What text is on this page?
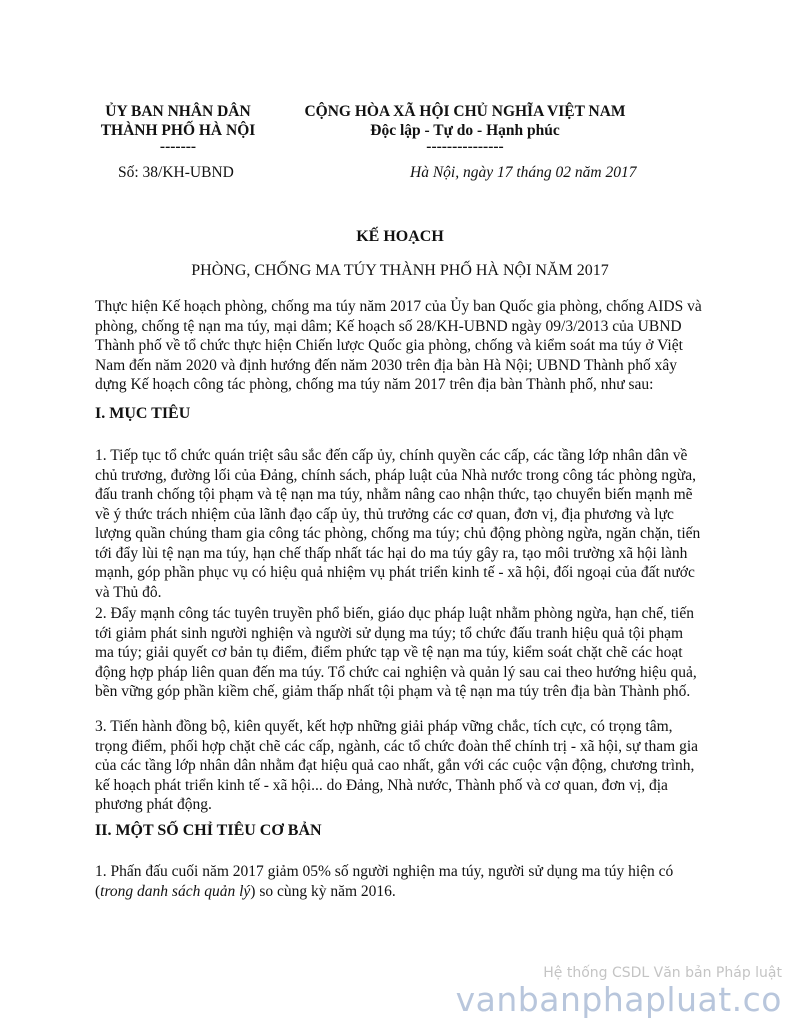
ỦY BAN NHÂN DÂN
THÀNH PHỐ HÀ NỘI
-------
CỘNG HÒA XÃ HỘI CHỦ NGHĨA VIỆT NAM
Độc lập - Tự do - Hạnh phúc
---------------
Số: 38/KH-UBND	Hà Nội, ngày 17 tháng 02 năm 2017
KẾ HOẠCH
PHÒNG, CHỐNG MA TÚY THÀNH PHỐ HÀ NỘI NĂM 2017
Thực hiện Kế hoạch phòng, chống ma túy năm 2017 của Ủy ban Quốc gia phòng, chống AIDS và phòng, chống tệ nạn ma túy, mại dâm; Kế hoạch số 28/KH-UBND ngày 09/3/2013 của UBND Thành phố về tổ chức thực hiện Chiến lược Quốc gia phòng, chống và kiểm soát ma túy ở Việt Nam đến năm 2020 và định hướng đến năm 2030 trên địa bàn Hà Nội; UBND Thành phố xây dựng Kế hoạch công tác phòng, chống ma túy năm 2017 trên địa bàn Thành phố, như sau:
I. MỤC TIÊU
1. Tiếp tục tổ chức quán triệt sâu sắc đến cấp ủy, chính quyền các cấp, các tầng lớp nhân dân về chủ trương, đường lối của Đảng, chính sách, pháp luật của Nhà nước trong công tác phòng ngừa, đấu tranh chống tội phạm và tệ nạn ma túy, nhằm nâng cao nhận thức, tạo chuyển biến mạnh mẽ về ý thức trách nhiệm của lãnh đạo cấp ủy, thủ trưởng các cơ quan, đơn vị, địa phương và lực lượng quần chúng tham gia công tác phòng, chống ma túy; chủ động phòng ngừa, ngăn chặn, tiến tới đẩy lùi tệ nạn ma túy, hạn chế thấp nhất tác hại do ma túy gây ra, tạo môi trường xã hội lành mạnh, góp phần phục vụ có hiệu quả nhiệm vụ phát triển kinh tế - xã hội, đối ngoại của đất nước và Thủ đô.
2. Đẩy mạnh công tác tuyên truyền phổ biến, giáo dục pháp luật nhằm phòng ngừa, hạn chế, tiến tới giảm phát sinh người nghiện và người sử dụng ma túy; tổ chức đấu tranh hiệu quả tội phạm ma túy; giải quyết cơ bản tụ điểm, điểm phức tạp về tệ nạn ma túy, kiểm soát chặt chẽ các hoạt động hợp pháp liên quan đến ma túy. Tổ chức cai nghiện và quản lý sau cai theo hướng hiệu quả, bền vững góp phần kiềm chế, giảm thấp nhất tội phạm và tệ nạn ma túy trên địa bàn Thành phố.
3. Tiến hành đồng bộ, kiên quyết, kết hợp những giải pháp vững chắc, tích cực, có trọng tâm, trọng điểm, phối hợp chặt chẽ các cấp, ngành, các tổ chức đoàn thể chính trị - xã hội, sự tham gia của các tầng lớp nhân dân nhằm đạt hiệu quả cao nhất, gắn với các cuộc vận động, chương trình, kế hoạch phát triển kinh tế - xã hội... do Đảng, Nhà nước, Thành phố và cơ quan, đơn vị, địa phương phát động.
II. MỘT SỐ CHỈ TIÊU CƠ BẢN
1. Phấn đấu cuối năm 2017 giảm 05% số người nghiện ma túy, người sử dụng ma túy hiện có (trong danh sách quản lý) so cùng kỳ năm 2016.
Hệ thống CSDL Văn bản Pháp luật
vanbanphapluat.co
